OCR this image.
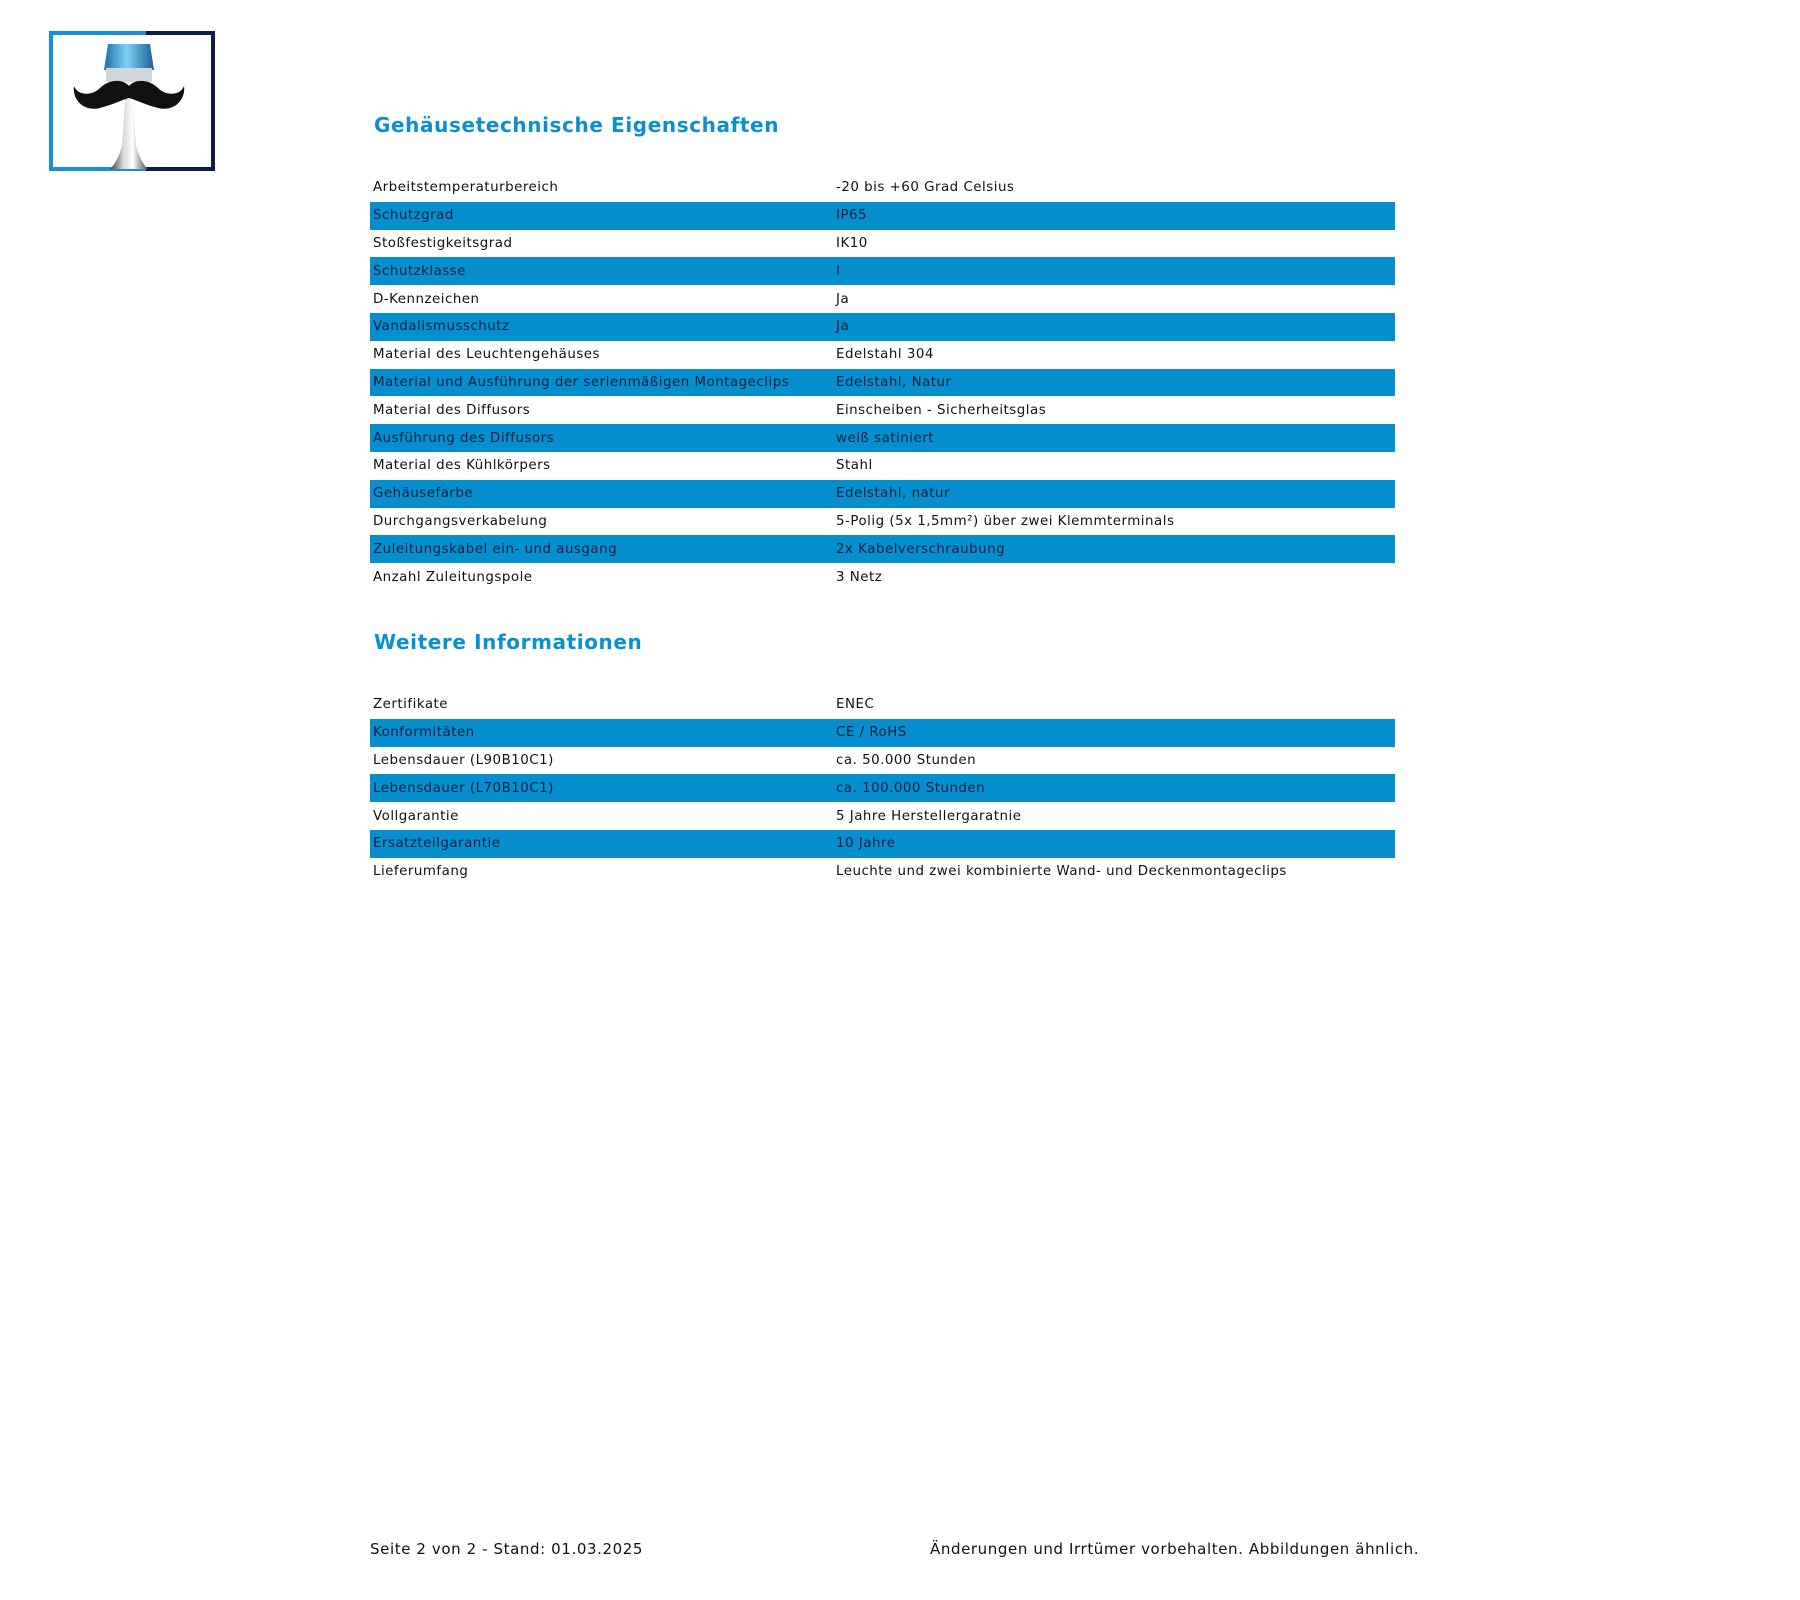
Gehäusetechnische Eigenschaften
Arbeitstemperaturbereich	-20 bis +60 Grad Celsius
Schutzgrad	IP65
Stoßfestigkeitsgrad	IK10
Schutzklasse	I
D-Kennzeichen	Ja
Vandalismusschutz	Ja
Material des Leuchtengehäuses	Edelstahl 304
Material und Ausführung der serienmäßigen Montageclips	Edelstahl, Natur
Material des Diffusors	Einscheiben - Sicherheitsglas
Ausführung des Diffusors	weiß satiniert
Material des Kühlkörpers	Stahl
Gehäusefarbe	Edelstahl, natur
Durchgangsverkabelung	5-Polig (5x 1,5mm²) über zwei Klemmterminals
Zuleitungskabel ein- und ausgang	2x Kabelverschraubung
Anzahl Zuleitungspole	3 Netz
Weitere Informationen
Zertifikate	ENEC
Konformitäten	CE / RoHS
Lebensdauer (L90B10C1)	ca. 50.000 Stunden
Lebensdauer (L70B10C1)	ca. 100.000 Stunden
Vollgarantie	5 Jahre Herstellergaratnie
Ersatzteilgarantie	10 Jahre
Lieferumfang	Leuchte und zwei kombinierte Wand- und Deckenmontageclips
Seite 2 von 2 - Stand: 01.03.2025	Änderungen und Irrtümer vorbehalten. Abbildungen ähnlich.
